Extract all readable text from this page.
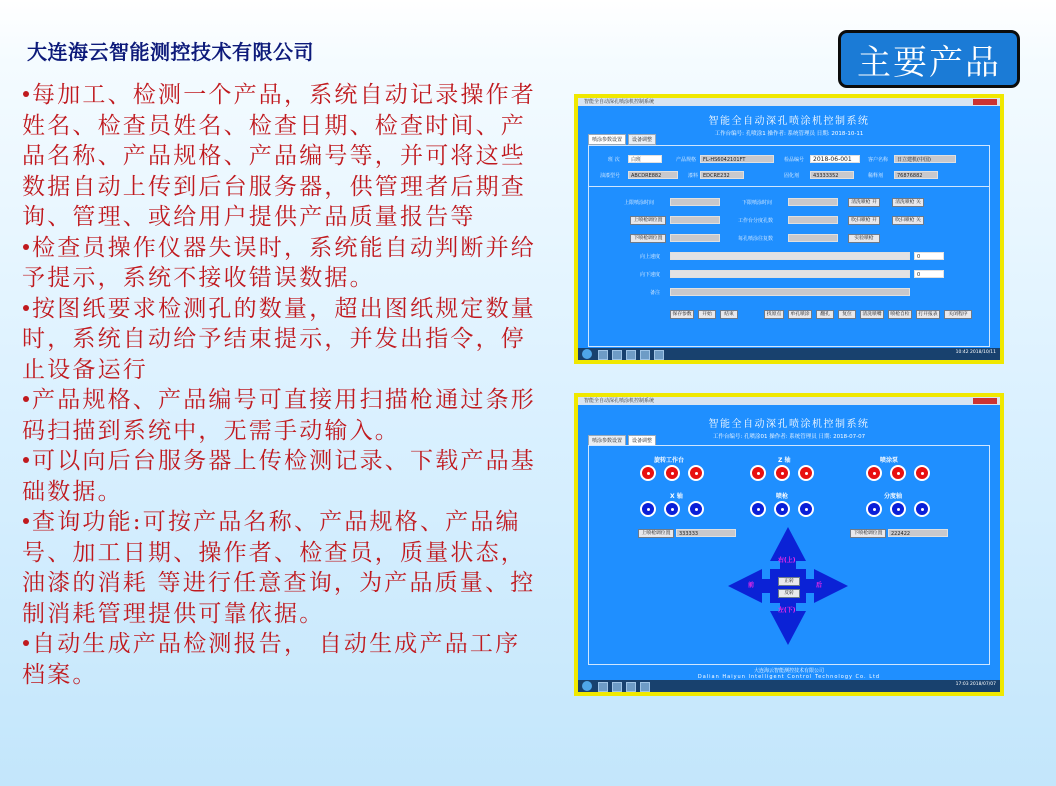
大连海云智能测控技术有限公司	主要产品

每加工、检测一个产品，系统自动记录操作者姓名、检查员姓名、检查日期、检查时间、产品名称、产品规格、产品编号等，并可将这些数据自动上传到后台服务器，供管理者后期查询、管理、或给用户提供产品质量报告等

检查员操作仪器失误时，系统能自动判断并给予提示，系统不接收错误数据。

按图纸要求检测孔的数量，超出图纸规定数量时，系统自动给予结束提示，并发出指令，停止设备运行

产品规格、产品编号可直接用扫描枪通过条形码扫描到系统中，无需手动输入。

可以向后台服务器上传检测记录、下载产品基础数据。

查询功能:可按产品名称、产品规格、产品编号、加工日期、操作者、检查员，质量状态，油漆的消耗 等进行任意查询，为产品质量、控制消耗管理提供可靠依据。

自动生成产品检测报告， 自动生成产品工序档案。

智能全自动深孔喷涂机控制系统
智能全自动深孔喷涂机控制系统
工作台编号: 孔喷涂1 操作者: 系统管理员 日期: 2018-10-11
喷涂参数设置	设备调整
班 次	白班	产品规格	FL-HS6042101FT	检品编号	2018-06-001	客户名称	日立建机(中国)
油漆型号	ABCDRE882	漆料 EDCRE232	固化剂	43333352	稀释剂	76876882
上限喷涂时间	下限喷涂时间	清洗喷枪 开	清洗喷枪 关
上喷枪调位置	工作台分度孔数	吹扫喷枪 开	吹扫喷枪 关
下喷枪调位置	每孔喷涂往复数	实验喷枪
向上速度	0
向下速度	0
备注
保存参数	开始	结束	找原点	单孔喷涂	翻孔	复位	清洗喷嘴	喷枪自检	打开报表	关闭程序
10:42 2018/10/11
智能全自动深孔喷涂机控制系统
智能全自动深孔喷涂机控制系统
工作台编号: 孔喷涂01 操作者: 系统管理员 日期: 2018-07-07
喷涂参数设置	设备调整
旋转工作台	Z 轴	喷涂泵
X 轴	喷枪	分度轴
上喷枪调位置	333333	下喷枪调位置	222422
右(上)
左(下)
前	后
正转
反转
大连海云智能测控技术有限公司
Dalian Haiyun Intelligent Control Technology Co. Ltd
17:03 2018/07/07
